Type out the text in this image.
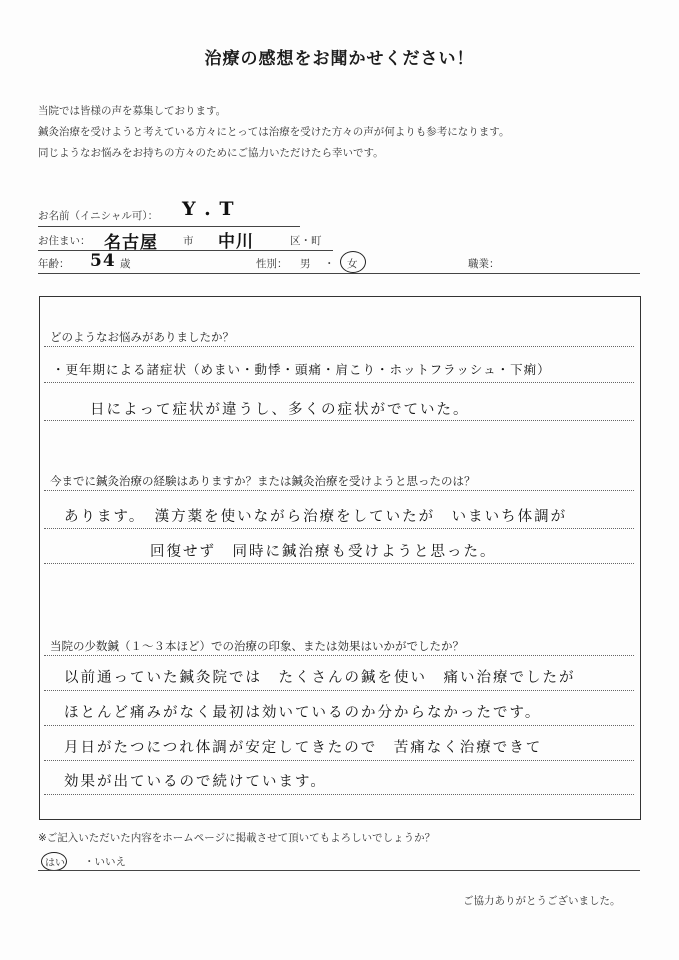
治療の感想をお聞かせください！
当院では皆様の声を募集しております。
鍼灸治療を受けようと考えている方々にとっては治療を受けた方々の声が何よりも参考になります。
同じようなお悩みをお持ちの方々のためにご協力いただけたら幸いです。
お名前（イニシャル可）： Y . T
お住まい： 名古屋 市 中川	区・町
年齢： 54 歳	性別： 男 ・ 女	職業：
どのようなお悩みがありましたか？
・更年期による諸症状（めまい・動悸・頭痛・肩こり・ホットフラッシュ・下痢）
日によって症状が違うし、多くの症状がでていた。
今までに鍼灸治療の経験はありますか？または鍼灸治療を受けようと思ったのは？
あります。　漢方薬を使いながら治療をしていたが　いまいち体調が
回復せず　同時に鍼治療も受けようと思った。
当院の少数鍼（１～３本ほど）での治療の印象、または効果はいかがでしたか？
以前通っていた鍼灸院では　たくさんの鍼を使い　痛い治療でしたが
ほとんど痛みがなく最初は効いているのか分からなかったです。
月日がたつにつれ体調が安定してきたので　苦痛なく治療できて
効果が出ているので続けています。
※ご記入いただいた内容をホームページに掲載させて頂いてもよろしいでしょうか？
はい ・いいえ
ご協力ありがとうございました。
